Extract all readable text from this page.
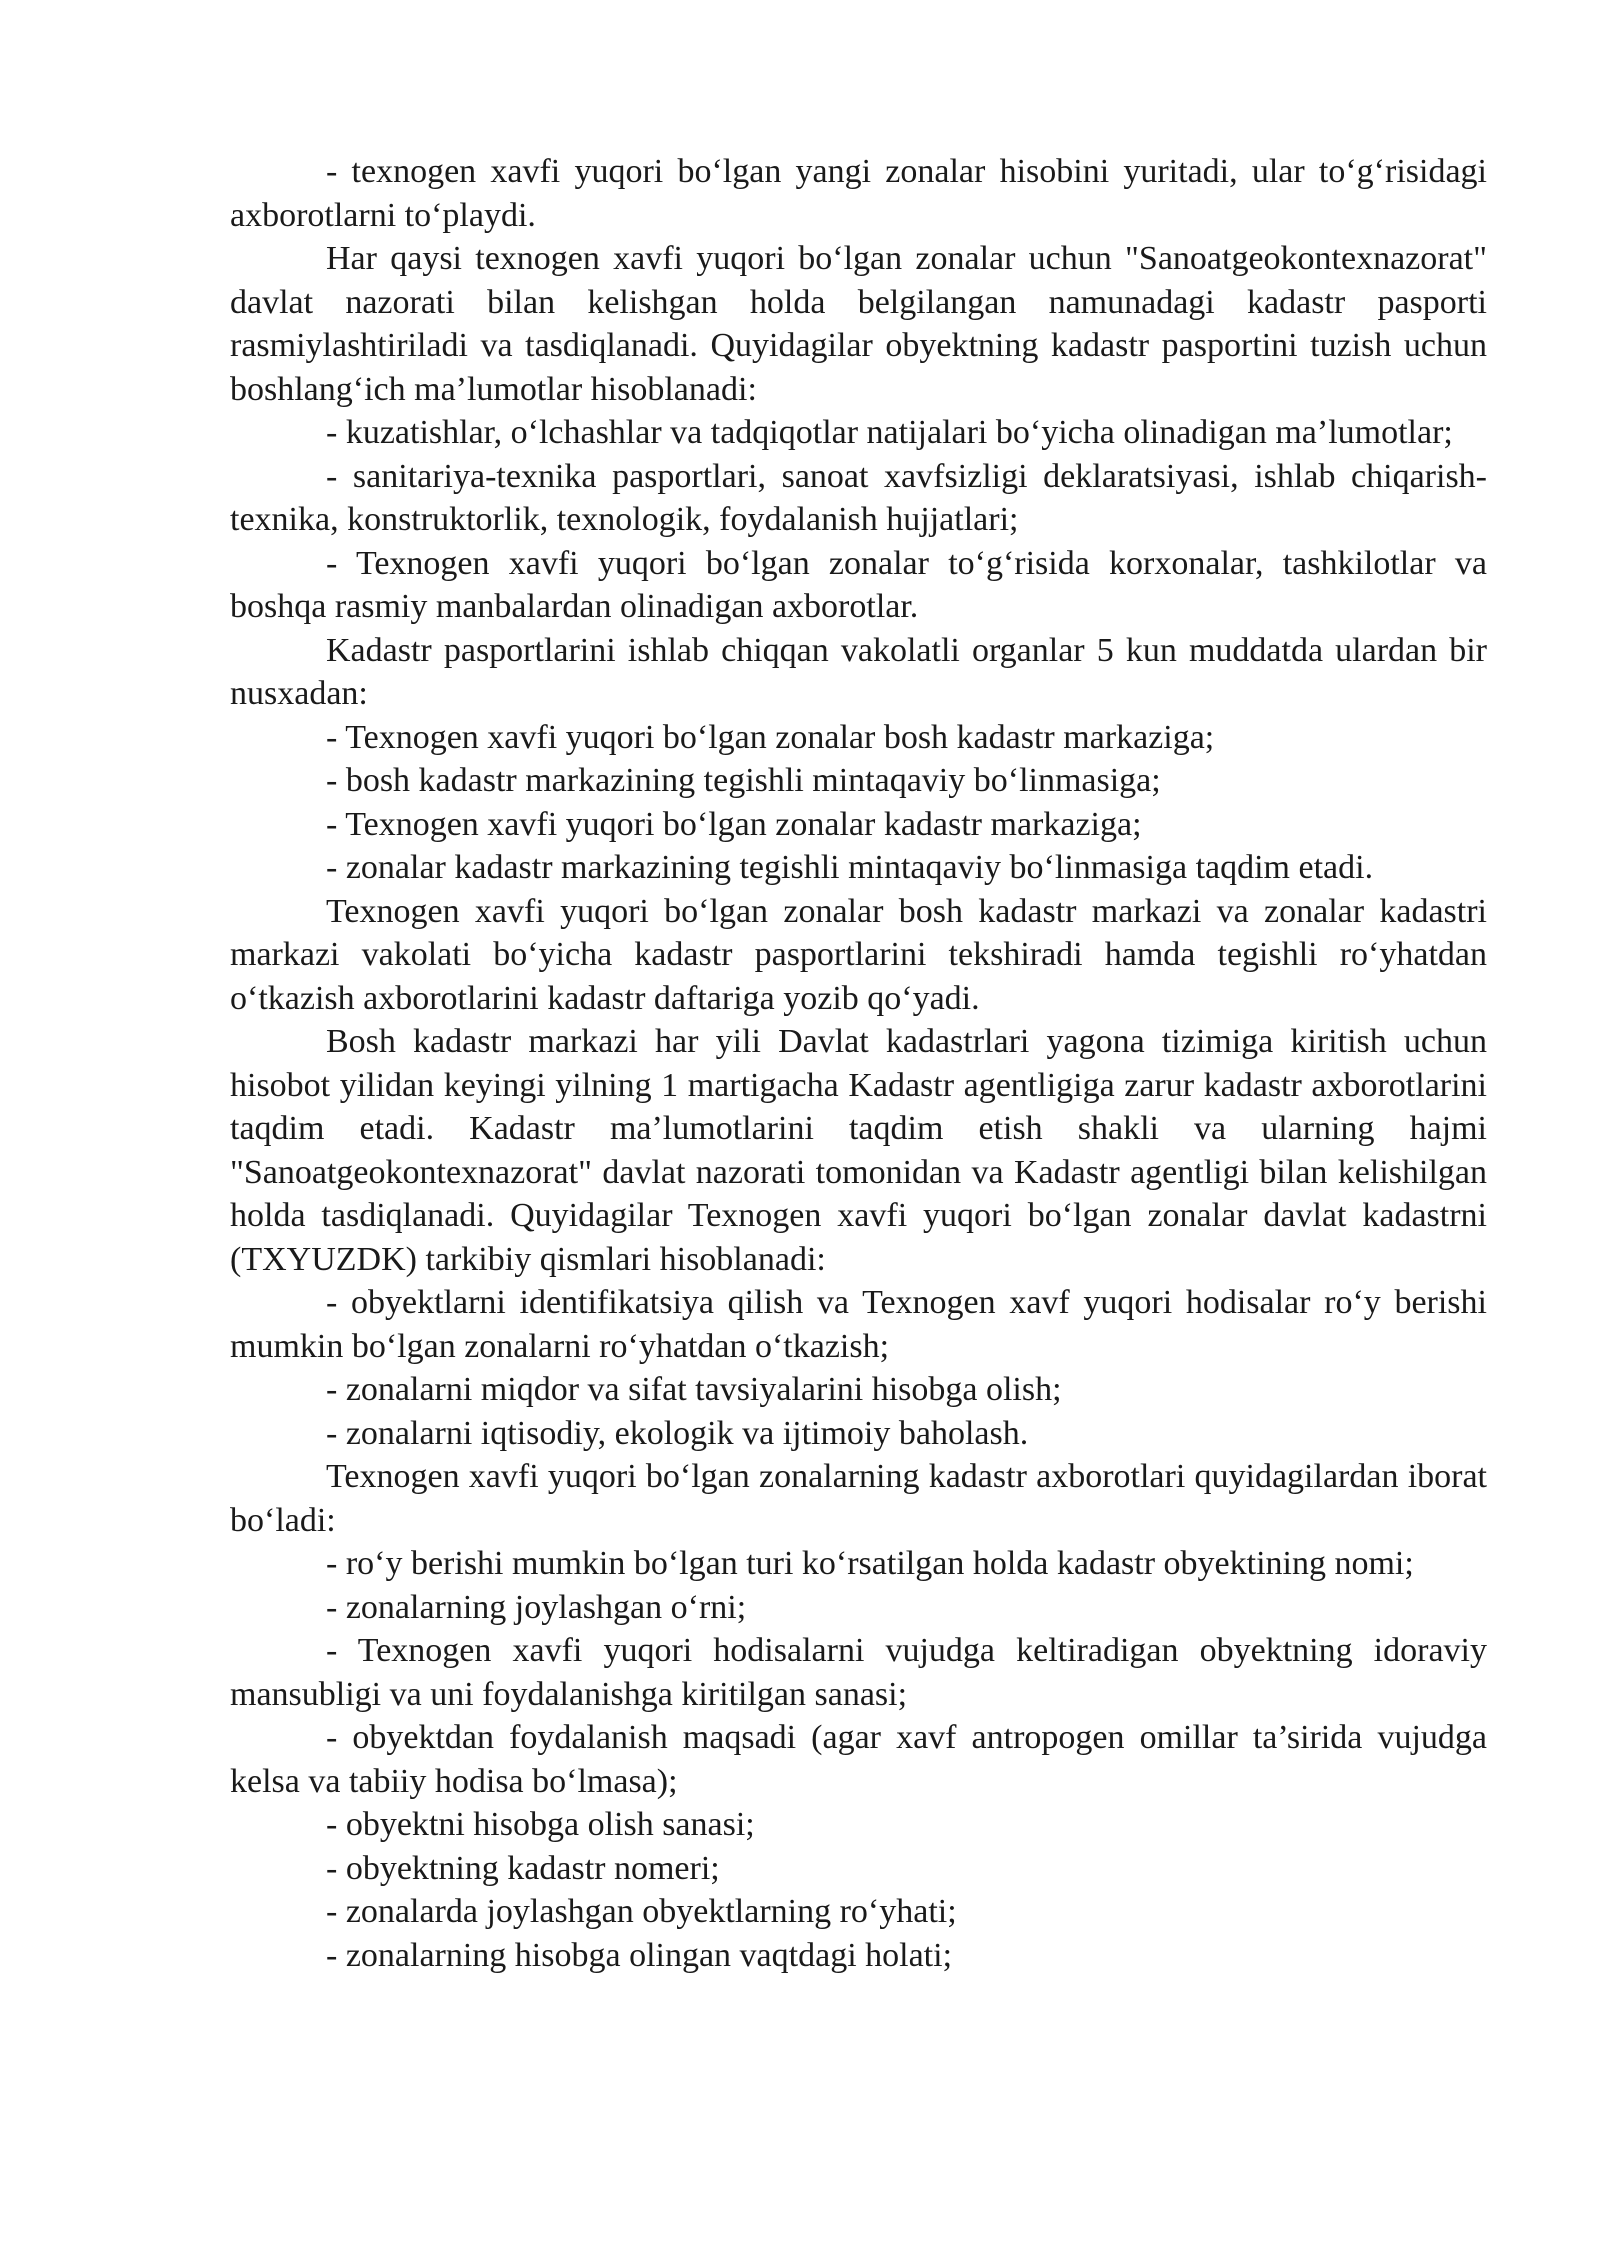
- texnogen xavfi yuqori bo‘lgan yangi zonalar hisobini yuritadi, ular to‘g‘risidagi axborotlarni to‘playdi.

Har qaysi texnogen xavfi yuqori bo‘lgan zonalar uchun "Sanoatgeokontexnazorat" davlat nazorati bilan kelishgan holda belgilangan namunadagi kadastr pasporti rasmiylashtiriladi va tasdiqlanadi. Quyidagilar obyektning kadastr pasportini tuzish uchun boshlang‘ich ma’lumotlar hisoblanadi:

- kuzatishlar, o‘lchashlar va tadqiqotlar natijalari bo‘yicha olinadigan ma’lumotlar;

- sanitariya-texnika pasportlari, sanoat xavfsizligi deklaratsiyasi, ishlab chiqarish-texnika, konstruktorlik, texnologik, foydalanish hujjatlari;

- Texnogen xavfi yuqori bo‘lgan zonalar to‘g‘risida korxonalar, tashkilotlar va boshqa rasmiy manbalardan olinadigan axborotlar.

Kadastr pasportlarini ishlab chiqqan vakolatli organlar 5 kun muddatda ulardan bir nusxadan:

- Texnogen xavfi yuqori bo‘lgan zonalar bosh kadastr markaziga;

- bosh kadastr markazining tegishli mintaqaviy bo‘linmasiga;

- Texnogen xavfi yuqori bo‘lgan zonalar kadastr markaziga;

- zonalar kadastr markazining tegishli mintaqaviy bo‘linmasiga taqdim etadi.

Texnogen xavfi yuqori bo‘lgan zonalar bosh kadastr markazi va zonalar kadastri markazi vakolati bo‘yicha kadastr pasportlarini tekshiradi hamda tegishli ro‘yhatdan o‘tkazish axborotlarini kadastr daftariga yozib qo‘yadi.

Bosh kadastr markazi har yili Davlat kadastrlari yagona tizimiga kiritish uchun hisobot yilidan keyingi yilning 1 martigacha Kadastr agentligiga zarur kadastr axborotlarini taqdim etadi. Kadastr ma’lumotlarini taqdim etish shakli va ularning hajmi "Sanoatgeokontexnazorat" davlat nazorati tomonidan va Kadastr agentligi bilan kelishilgan holda tasdiqlanadi. Quyidagilar Texnogen xavfi yuqori bo‘lgan zonalar davlat kadastrni (TXYUZDK) tarkibiy qismlari hisoblanadi:

- obyektlarni identifikatsiya qilish va Texnogen xavf yuqori hodisalar ro‘y berishi mumkin bo‘lgan zonalarni ro‘yhatdan o‘tkazish;

- zonalarni miqdor va sifat tavsiyalarini hisobga olish;

- zonalarni iqtisodiy, ekologik va ijtimoiy baholash.

Texnogen xavfi yuqori bo‘lgan zonalarning kadastr axborotlari quyidagilardan iborat bo‘ladi:

- ro‘y berishi mumkin bo‘lgan turi ko‘rsatilgan holda kadastr obyektining nomi;

- zonalarning joylashgan o‘rni;

- Texnogen xavfi yuqori hodisalarni vujudga keltiradigan obyektning idoraviy mansubligi va uni foydalanishga kiritilgan sanasi;

- obyektdan foydalanish maqsadi (agar xavf antropogen omillar ta’sirida vujudga kelsa va tabiiy hodisa bo‘lmasa);

- obyektni hisobga olish sanasi;

- obyektning kadastr nomeri;

- zonalarda joylashgan obyektlarning ro‘yhati;

- zonalarning hisobga olingan vaqtdagi holati;
